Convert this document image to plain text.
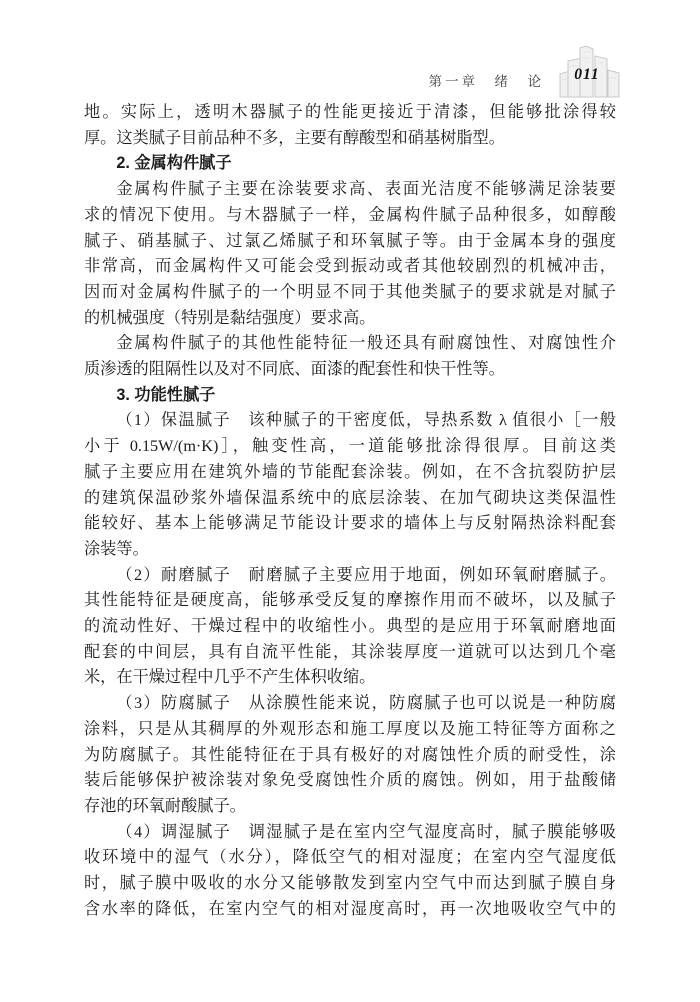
第一章　绪　论 011
地。实际上，透明木器腻子的性能更接近于清漆，但能够批涂得较
厚。这类腻子目前品种不多，主要有醇酸型和硝基树脂型。
2. 金属构件腻子
金属构件腻子主要在涂装要求高、表面光洁度不能够满足涂装要
求的情况下使用。与木器腻子一样，金属构件腻子品种很多，如醇酸
腻子、硝基腻子、过氯乙烯腻子和环氧腻子等。由于金属本身的强度
非常高，而金属构件又可能会受到振动或者其他较剧烈的机械冲击，
因而对金属构件腻子的一个明显不同于其他类腻子的要求就是对腻子
的机械强度（特别是黏结强度）要求高。
金属构件腻子的其他性能特征一般还具有耐腐蚀性、对腐蚀性介
质渗透的阻隔性以及对不同底、面漆的配套性和快干性等。
3. 功能性腻子
（1）保温腻子　该种腻子的干密度低，导热系数 λ 值很小［一般
小于 0.15W/(m·K)］，触变性高，一道能够批涂得很厚。目前这类
腻子主要应用在建筑外墙的节能配套涂装。例如，在不含抗裂防护层
的建筑保温砂浆外墙保温系统中的底层涂装、在加气砌块这类保温性
能较好、基本上能够满足节能设计要求的墙体上与反射隔热涂料配套
涂装等。
（2）耐磨腻子　耐磨腻子主要应用于地面，例如环氧耐磨腻子。
其性能特征是硬度高，能够承受反复的摩擦作用而不破坏，以及腻子
的流动性好、干燥过程中的收缩性小。典型的是应用于环氧耐磨地面
配套的中间层，具有自流平性能，其涂装厚度一道就可以达到几个毫
米，在干燥过程中几乎不产生体积收缩。
（3）防腐腻子　从涂膜性能来说，防腐腻子也可以说是一种防腐
涂料，只是从其稠厚的外观形态和施工厚度以及施工特征等方面称之
为防腐腻子。其性能特征在于具有极好的对腐蚀性介质的耐受性，涂
装后能够保护被涂装对象免受腐蚀性介质的腐蚀。例如，用于盐酸储
存池的环氧耐酸腻子。
（4）调湿腻子　调湿腻子是在室内空气湿度高时，腻子膜能够吸
收环境中的湿气（水分），降低空气的相对湿度；在室内空气湿度低
时，腻子膜中吸收的水分又能够散发到室内空气中而达到腻子膜自身
含水率的降低，在室内空气的相对湿度高时，再一次地吸收空气中的
